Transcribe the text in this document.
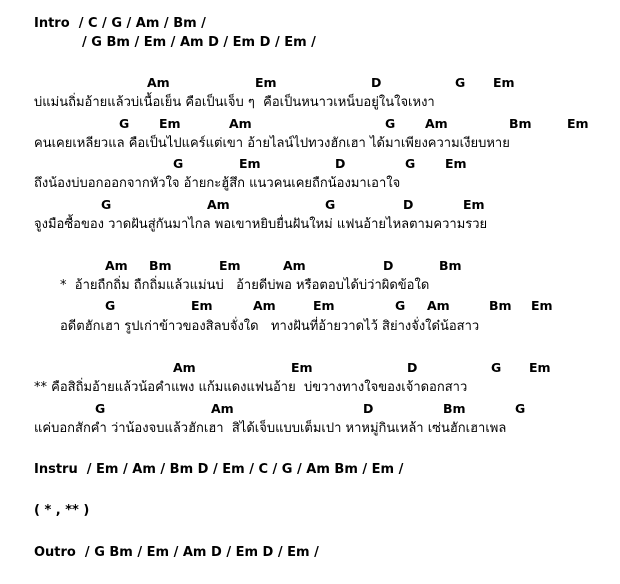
Intro  / C / G / Am / Bm /
/ G Bm / Em / Am D / Em D / Em /
Am	Em	D	G Em
บ่แม่นถิ่มอ้ายแล้วบ่เนื้อเย็น คือเป็นเจ็บ ๆ  คือเป็นหนาวเหน็บอยู่ในใจเหงา
G Em	Am	G Am	Bm	Em
คนเคยเหลียวแล คือเป็นไปแคร์แต่เขา อ้ายไลน์ไปทวงฮักเฮา ได้มาเพียงความเงียบหาย
G	Em	D	G Em
ถึงน้องบ่บอกออกจากหัวใจ อ้ายกะฮู้สึก แนวคนเคยถืกน้องมาเอาใจ
G	Am	G	D	Em
จูงมือซื้อของ วาดฝันสู่กันมาไกล พอเขาหยิบยื่นฝันใหม่ แฟนอ้ายไหลตามความรวย
Am Bm	Em	Am	D	Bm
*  อ้ายถืกถิ่ม ถืกถิ่มแล้วแม่นบ่   อ้ายดีบ่พอ หรือตอบได้บ่ว่าผิดข้อใด
G	Em	Am	Em	G Am	Bm Em
อดีตฮักเฮา รูปเก่าข้าวของสิลบจั่งใด   ทางฝันที่อ้ายวาดไว้ สิย่างจั่งใด๋น้อสาว
Am	Em	D	G Em
** คือสิถิ่มอ้ายแล้วน้อคำแพง แก้มแดงแฟนอ้าย  บ่ขวางทางใจของเจ้าดอกสาว
G	Am	D	Bm	G
แค่บอกสักคำ ว่าน้องจบแล้วฮักเฮา  สิได้เจ็บแบบเต็มเปา หาหมู่กินเหล้า เซ่นฮักเฮาเพล
Instru  / Em / Am / Bm D / Em / C / G / Am Bm / Em /
( * , ** )
Outro  / G Bm / Em / Am D / Em D / Em /
